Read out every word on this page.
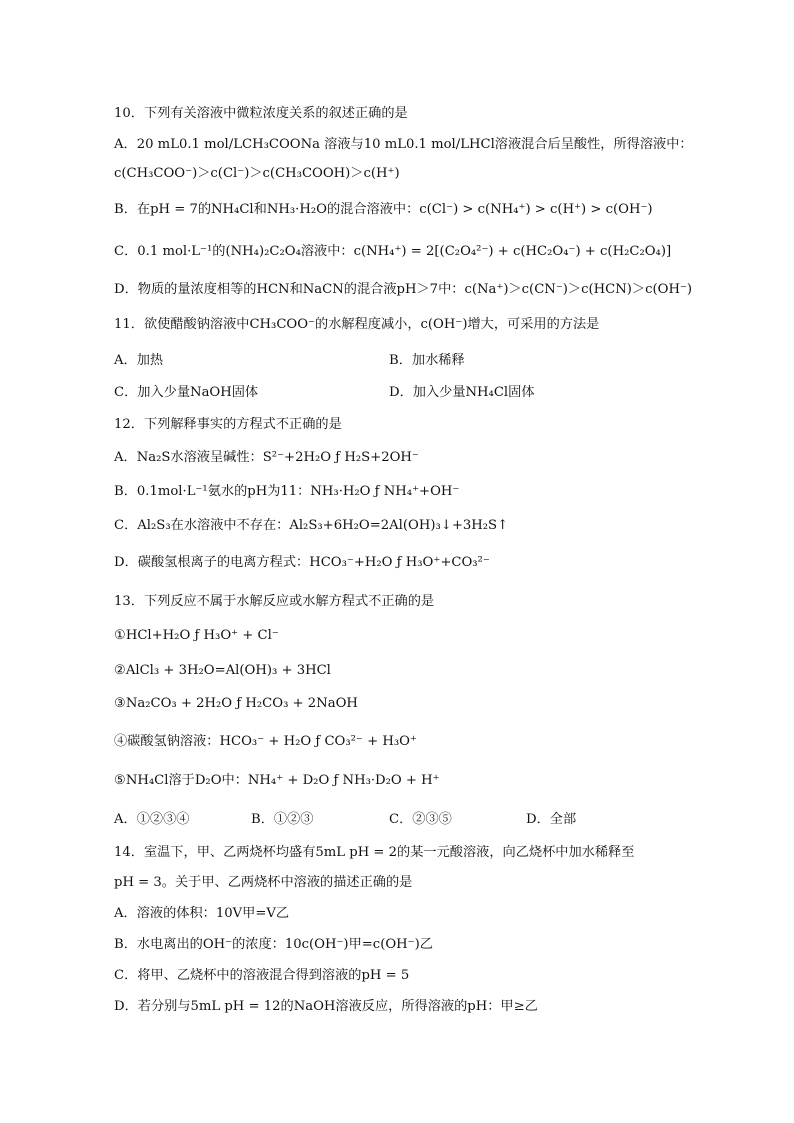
10．下列有关溶液中微粒浓度关系的叙述正确的是
A．20 mL0.1 mol/LCH₃COONa 溶液与10 mL0.1 mol/LHCl溶液混合后呈酸性，所得溶液中：
c(CH₃COO⁻)＞c(Cl⁻)＞c(CH₃COOH)＞c(H⁺)
B．在pH = 7的NH₄Cl和NH₃·H₂O的混合溶液中：c(Cl⁻) > c(NH₄⁺) > c(H⁺) > c(OH⁻)
C．0.1 mol·L⁻¹的(NH₄)₂C₂O₄溶液中：c(NH₄⁺) = 2[(C₂O₄²⁻) + c(HC₂O₄⁻) + c(H₂C₂O₄)]
D．物质的量浓度相等的HCN和NaCN的混合液pH＞7中：c(Na⁺)＞c(CN⁻)＞c(HCN)＞c(OH⁻)
11．欲使醋酸钠溶液中CH₃COO⁻的水解程度减小，c(OH⁻)增大，可采用的方法是
A．加热	B．加水稀释
C．加入少量NaOH固体	D．加入少量NH₄Cl固体
12．下列解释事实的方程式不正确的是
A．Na₂S水溶液呈碱性：S²⁻+2H₂O ƒ H₂S+2OH⁻
B．0.1mol·L⁻¹氨水的pH为11：NH₃·H₂O ƒ NH₄⁺+OH⁻
C．Al₂S₃在水溶液中不存在：Al₂S₃+6H₂O=2Al(OH)₃↓+3H₂S↑
D．碳酸氢根离子的电离方程式：HCO₃⁻+H₂O ƒ H₃O⁺+CO₃²⁻
13．下列反应不属于水解反应或水解方程式不正确的是
①HCl+H₂O ƒ H₃O⁺ + Cl⁻
②AlCl₃ + 3H₂O=Al(OH)₃ + 3HCl
③Na₂CO₃ + 2H₂O ƒ H₂CO₃ + 2NaOH
④碳酸氢钠溶液：HCO₃⁻ + H₂O ƒ CO₃²⁻ + H₃O⁺
⑤NH₄Cl溶于D₂O中：NH₄⁺ + D₂O ƒ NH₃·D₂O + H⁺
A．①②③④	B．①②③	C．②③⑤	D．全部
14．室温下，甲、乙两烧杯均盛有5mL pH = 2的某一元酸溶液，向乙烧杯中加水稀释至
pH = 3。关于甲、乙两烧杯中溶液的描述正确的是
A．溶液的体积：10V甲=V乙
B．水电离出的OH⁻的浓度：10c(OH⁻)甲=c(OH⁻)乙
C．将甲、乙烧杯中的溶液混合得到溶液的pH = 5
D．若分别与5mL pH = 12的NaOH溶液反应，所得溶液的pH：甲≥乙
